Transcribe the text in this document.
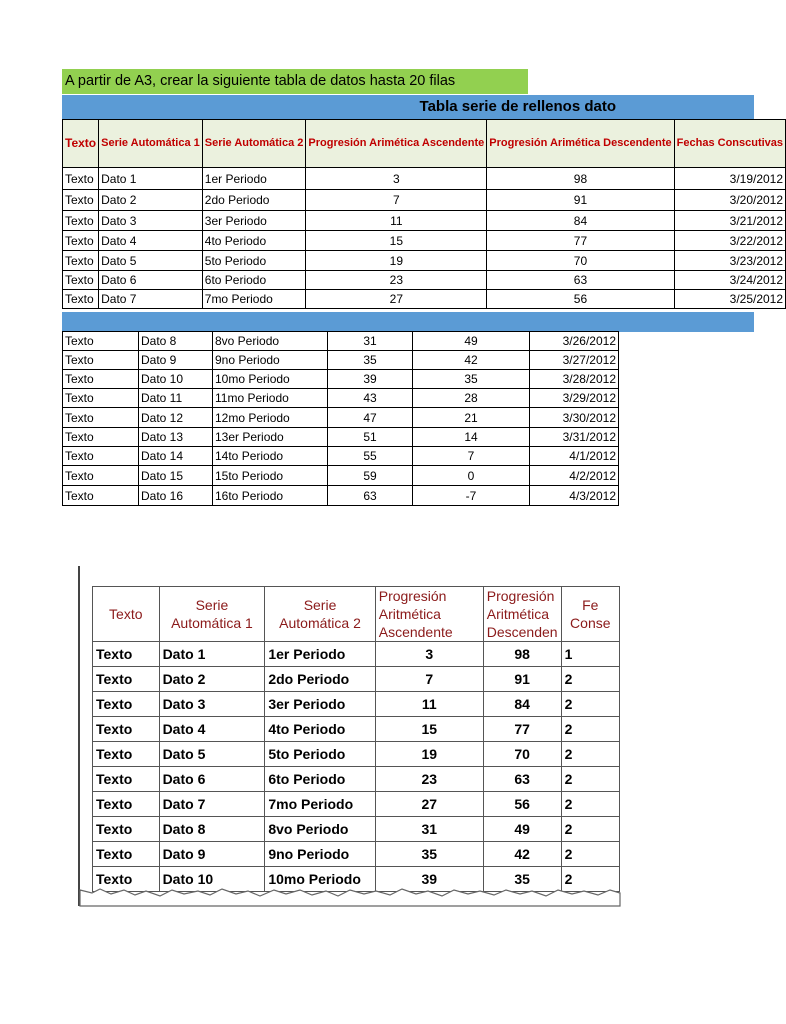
A partir de A3, crear la siguiente tabla de datos hasta 20 filas
Tabla serie de rellenos dato
Texto	Serie Automática 1	Serie Automática 2	Progresión Arimética Ascendente	Progresión Arimética Descendente	Fechas Conscutivas
Texto	Dato 1	1er Periodo	3	98	3/19/2012
Texto	Dato 2	2do Periodo	7	91	3/20/2012
Texto	Dato 3	3er Periodo	11	84	3/21/2012
Texto	Dato 4	4to Periodo	15	77	3/22/2012
Texto	Dato 5	5to Periodo	19	70	3/23/2012
Texto	Dato 6	6to Periodo	23	63	3/24/2012
Texto	Dato 7	7mo Periodo	27	56	3/25/2012
Texto	Dato 8	8vo Periodo	31	49	3/26/2012
Texto	Dato 9	9no Periodo	35	42	3/27/2012
Texto	Dato 10	10mo Periodo	39	35	3/28/2012
Texto	Dato 11	11mo Periodo	43	28	3/29/2012
Texto	Dato 12	12mo Periodo	47	21	3/30/2012
Texto	Dato 13	13er Periodo	51	14	3/31/2012
Texto	Dato 14	14to Periodo	55	7	4/1/2012
Texto	Dato 15	15to Periodo	59	0	4/2/2012
Texto	Dato 16	16to Periodo	63	-7	4/3/2012
Texto	Serie Automática 1	Serie Automática 2	Progresión Aritmética Ascendente	Progresión Aritmética Descenden	Fe Conse
Texto	Dato 1	1er Periodo	3	98	1
Texto	Dato 2	2do Periodo	7	91	2
Texto	Dato 3	3er Periodo	11	84	2
Texto	Dato 4	4to Periodo	15	77	2
Texto	Dato 5	5to Periodo	19	70	2
Texto	Dato 6	6to Periodo	23	63	2
Texto	Dato 7	7mo Periodo	27	56	2
Texto	Dato 8	8vo Periodo	31	49	2
Texto	Dato 9	9no Periodo	35	42	2
Texto	Dato 10	10mo Periodo	39	35	2
